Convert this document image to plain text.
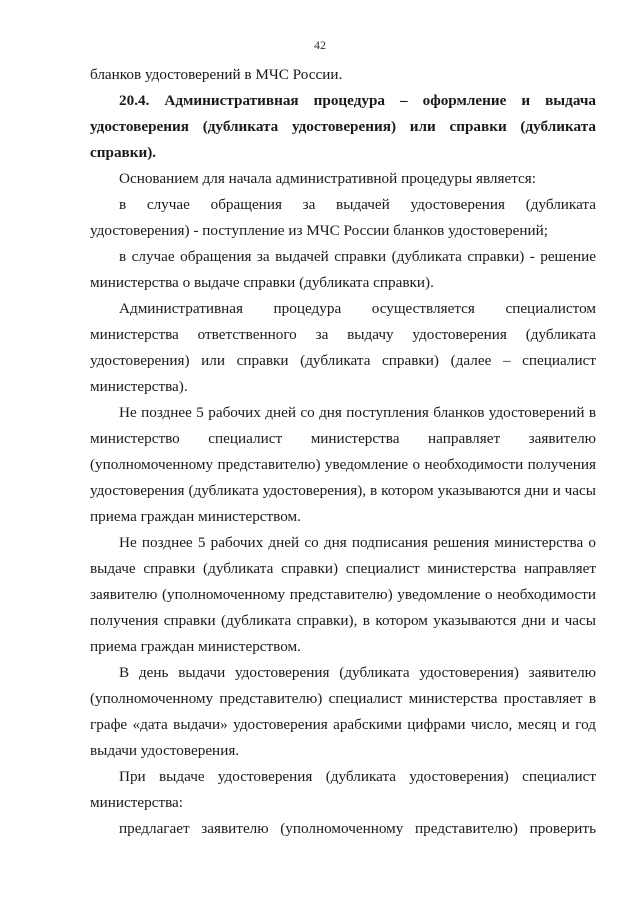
42

бланков удостоверений в МЧС России.

20.4. Административная процедура – оформление и выдача удостоверения (дубликата удостоверения) или справки (дубликата справки).

Основанием для начала административной процедуры является:

в случае обращения за выдачей удостоверения (дубликата удостоверения) - поступление из МЧС России бланков удостоверений;

в случае обращения за выдачей справки (дубликата справки) - решение министерства о выдаче справки (дубликата справки).

Административная процедура осуществляется специалистом министерства ответственного за выдачу удостоверения (дубликата удостоверения) или справки (дубликата справки) (далее – специалист министерства).

Не позднее 5 рабочих дней со дня поступления бланков удостоверений в министерство специалист министерства направляет заявителю (уполномоченному представителю) уведомление о необходимости получения удостоверения (дубликата удостоверения), в котором указываются дни и часы приема граждан министерством.

Не позднее 5 рабочих дней со дня подписания решения министерства о выдаче справки (дубликата справки) специалист министерства направляет заявителю (уполномоченному представителю) уведомление о необходимости получения справки (дубликата справки), в котором указываются дни и часы приема граждан министерством.

В день выдачи удостоверения (дубликата удостоверения) заявителю (уполномоченному представителю) специалист министерства проставляет в графе «дата выдачи» удостоверения арабскими цифрами число, месяц и год выдачи удостоверения.

При выдаче удостоверения (дубликата удостоверения) специалист министерства:

предлагает заявителю (уполномоченному представителю) проверить
